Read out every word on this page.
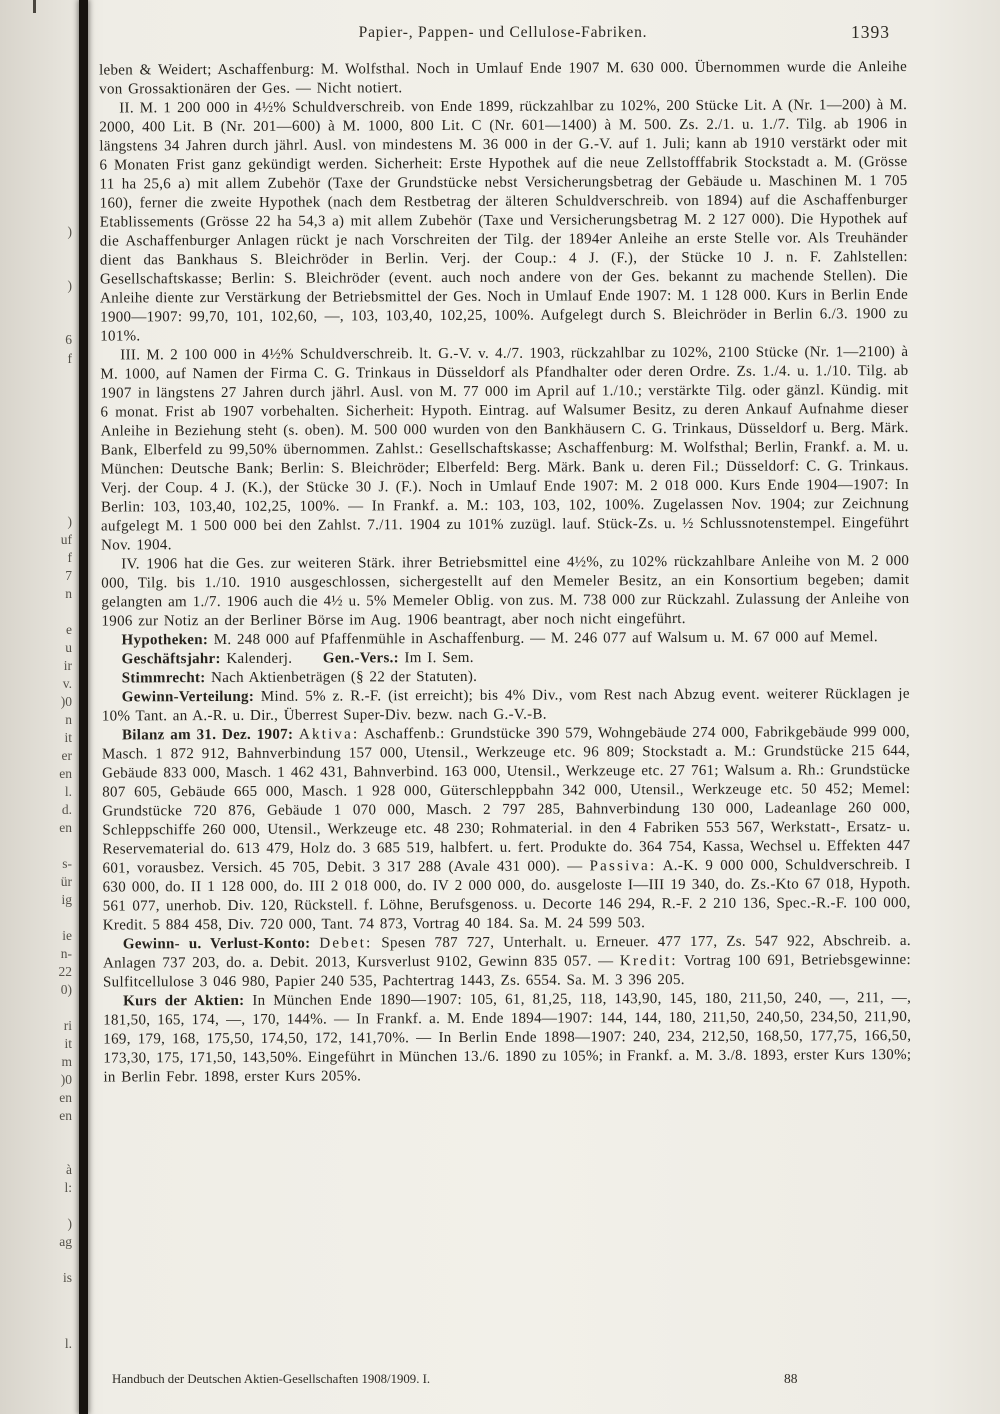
)
)
6
f
)
uf
f
7
n
e
u
ir
v.
)0
n
it
er
en
l.
d.
en
s-
ür
ig
ie
n-
22
0)
ri
it
m
)0
en
en
à
l:
)
ag
is
l.
Papier-, Pappen- und Cellulose-Fabriken.	1393

leben & Weidert; Aschaffenburg: M. Wolfsthal. Noch in Umlauf Ende 1907 M. 630 000. Übernommen wurde die Anleihe von Grossaktionären der Ges. — Nicht notiert.

II. M. 1 200 000 in 4½% Schuldverschreib. von Ende 1899, rückzahlbar zu 102%, 200 Stücke Lit. A (Nr. 1—200) à M. 2000, 400 Lit. B (Nr. 201—600) à M. 1000, 800 Lit. C (Nr. 601—1400) à M. 500. Zs. 2./1. u. 1./7. Tilg. ab 1906 in längstens 34 Jahren durch jährl. Ausl. von mindestens M. 36 000 in der G.-V. auf 1. Juli; kann ab 1910 verstärkt oder mit 6 Monaten Frist ganz gekündigt werden. Sicherheit: Erste Hypothek auf die neue Zellstofffabrik Stockstadt a. M. (Grösse 11 ha 25,6 a) mit allem Zubehör (Taxe der Grundstücke nebst Versicherungsbetrag der Gebäude u. Maschinen M. 1 705 160), ferner die zweite Hypothek (nach dem Restbetrag der älteren Schuldverschreib. von 1894) auf die Aschaffenburger Etablissements (Grösse 22 ha 54,3 a) mit allem Zubehör (Taxe und Versicherungsbetrag M. 2 127 000). Die Hypothek auf die Aschaffenburger Anlagen rückt je nach Vorschreiten der Tilg. der 1894er Anleihe an erste Stelle vor. Als Treuhänder dient das Bankhaus S. Bleichröder in Berlin. Verj. der Coup.: 4 J. (F.), der Stücke 10 J. n. F. Zahlstellen: Gesellschaftskasse; Berlin: S. Bleichröder (event. auch noch andere von der Ges. bekannt zu machende Stellen). Die Anleihe diente zur Verstärkung der Betriebsmittel der Ges. Noch in Umlauf Ende 1907: M. 1 128 000. Kurs in Berlin Ende 1900—1907: 99,70, 101, 102,60, —, 103, 103,40, 102,25, 100%. Aufgelegt durch S. Bleichröder in Berlin 6./3. 1900 zu 101%.

III. M. 2 100 000 in 4½% Schuldverschreib. lt. G.-V. v. 4./7. 1903, rückzahlbar zu 102%, 2100 Stücke (Nr. 1—2100) à M. 1000, auf Namen der Firma C. G. Trinkaus in Düsseldorf als Pfandhalter oder deren Ordre. Zs. 1./4. u. 1./10. Tilg. ab 1907 in längstens 27 Jahren durch jährl. Ausl. von M. 77 000 im April auf 1./10.; verstärkte Tilg. oder gänzl. Kündig. mit 6 monat. Frist ab 1907 vorbehalten. Sicherheit: Hypoth. Eintrag. auf Walsumer Besitz, zu deren Ankauf Aufnahme dieser Anleihe in Beziehung steht (s. oben). M. 500 000 wurden von den Bankhäusern C. G. Trinkaus, Düsseldorf u. Berg. Märk. Bank, Elberfeld zu 99,50% übernommen. Zahlst.: Gesellschaftskasse; Aschaffenburg: M. Wolfsthal; Berlin, Frankf. a. M. u. München: Deutsche Bank; Berlin: S. Bleichröder; Elberfeld: Berg. Märk. Bank u. deren Fil.; Düsseldorf: C. G. Trinkaus. Verj. der Coup. 4 J. (K.), der Stücke 30 J. (F.). Noch in Umlauf Ende 1907: M. 2 018 000. Kurs Ende 1904—1907: In Berlin: 103, 103,40, 102,25, 100%. — In Frankf. a. M.: 103, 103, 102, 100%. Zugelassen Nov. 1904; zur Zeichnung aufgelegt M. 1 500 000 bei den Zahlst. 7./11. 1904 zu 101% zuzügl. lauf. Stück-Zs. u. ½ Schlussnotenstempel. Eingeführt Nov. 1904.

IV. 1906 hat die Ges. zur weiteren Stärk. ihrer Betriebsmittel eine 4½%, zu 102% rückzahlbare Anleihe von M. 2 000 000, Tilg. bis 1./10. 1910 ausgeschlossen, sichergestellt auf den Memeler Besitz, an ein Konsortium begeben; damit gelangten am 1./7. 1906 auch die 4½ u. 5% Memeler Oblig. von zus. M. 738 000 zur Rückzahl. Zulassung der Anleihe von 1906 zur Notiz an der Berliner Börse im Aug. 1906 beantragt, aber noch nicht eingeführt.

Hypotheken: M. 248 000 auf Pfaffenmühle in Aschaffenburg. — M. 246 077 auf Walsum u. M. 67 000 auf Memel.

Geschäftsjahr: Kalenderj.  Gen.-Vers.: Im I. Sem.

Stimmrecht: Nach Aktienbeträgen (§ 22 der Statuten).

Gewinn-Verteilung: Mind. 5% z. R.-F. (ist erreicht); bis 4% Div., vom Rest nach Abzug event. weiterer Rücklagen je 10% Tant. an A.-R. u. Dir., Überrest Super-Div. bezw. nach G.-V.-B.

Bilanz am 31. Dez. 1907: Aktiva: Aschaffenb.: Grundstücke 390 579, Wohngebäude 274 000, Fabrikgebäude 999 000, Masch. 1 872 912, Bahnverbindung 157 000, Utensil., Werkzeuge etc. 96 809; Stockstadt a. M.: Grundstücke 215 644, Gebäude 833 000, Masch. 1 462 431, Bahnverbind. 163 000, Utensil., Werkzeuge etc. 27 761; Walsum a. Rh.: Grundstücke 807 605, Gebäude 665 000, Masch. 1 928 000, Güterschleppbahn 342 000, Utensil., Werkzeuge etc. 50 452; Memel: Grundstücke 720 876, Gebäude 1 070 000, Masch. 2 797 285, Bahnverbindung 130 000, Ladeanlage 260 000, Schleppschiffe 260 000, Utensil., Werkzeuge etc. 48 230; Rohmaterial. in den 4 Fabriken 553 567, Werkstatt-, Ersatz- u. Reservematerial do. 613 479, Holz do. 3 685 519, halbfert. u. fert. Produkte do. 364 754, Kassa, Wechsel u. Effekten 447 601, vorausbez. Versich. 45 705, Debit. 3 317 288 (Avale 431 000). — Passiva: A.-K. 9 000 000, Schuldverschreib. I 630 000, do. II 1 128 000, do. III 2 018 000, do. IV 2 000 000, do. ausgeloste I—III 19 340, do. Zs.-Kto 67 018, Hypoth. 561 077, unerhob. Div. 120, Rückstell. f. Löhne, Berufsgenoss. u. Decorte 146 294, R.-F. 2 210 136, Spec.-R.-F. 100 000, Kredit. 5 884 458, Div. 720 000, Tant. 74 873, Vortrag 40 184. Sa. M. 24 599 503.

Gewinn- u. Verlust-Konto: Debet: Spesen 787 727, Unterhalt. u. Erneuer. 477 177, Zs. 547 922, Abschreib. a. Anlagen 737 203, do. a. Debit. 2013, Kursverlust 9102, Gewinn 835 057. — Kredit: Vortrag 100 691, Betriebsgewinne: Sulfitcellulose 3 046 980, Papier 240 535, Pachtertrag 1443, Zs. 6554. Sa. M. 3 396 205.

Kurs der Aktien: In München Ende 1890—1907: 105, 61, 81,25, 118, 143,90, 145, 180, 211,50, 240, —, 211, —, 181,50, 165, 174, —, 170, 144%. — In Frankf. a. M. Ende 1894—1907: 144, 144, 180, 211,50, 240,50, 234,50, 211,90, 169, 179, 168, 175,50, 174,50, 172, 141,70%. — In Berlin Ende 1898—1907: 240, 234, 212,50, 168,50, 177,75, 166,50, 173,30, 175, 171,50, 143,50%. Eingeführt in München 13./6. 1890 zu 105%; in Frankf. a. M. 3./8. 1893, erster Kurs 130%; in Berlin Febr. 1898, erster Kurs 205%.

Handbuch der Deutschen Aktien-Gesellschaften 1908/1909. I.	88
